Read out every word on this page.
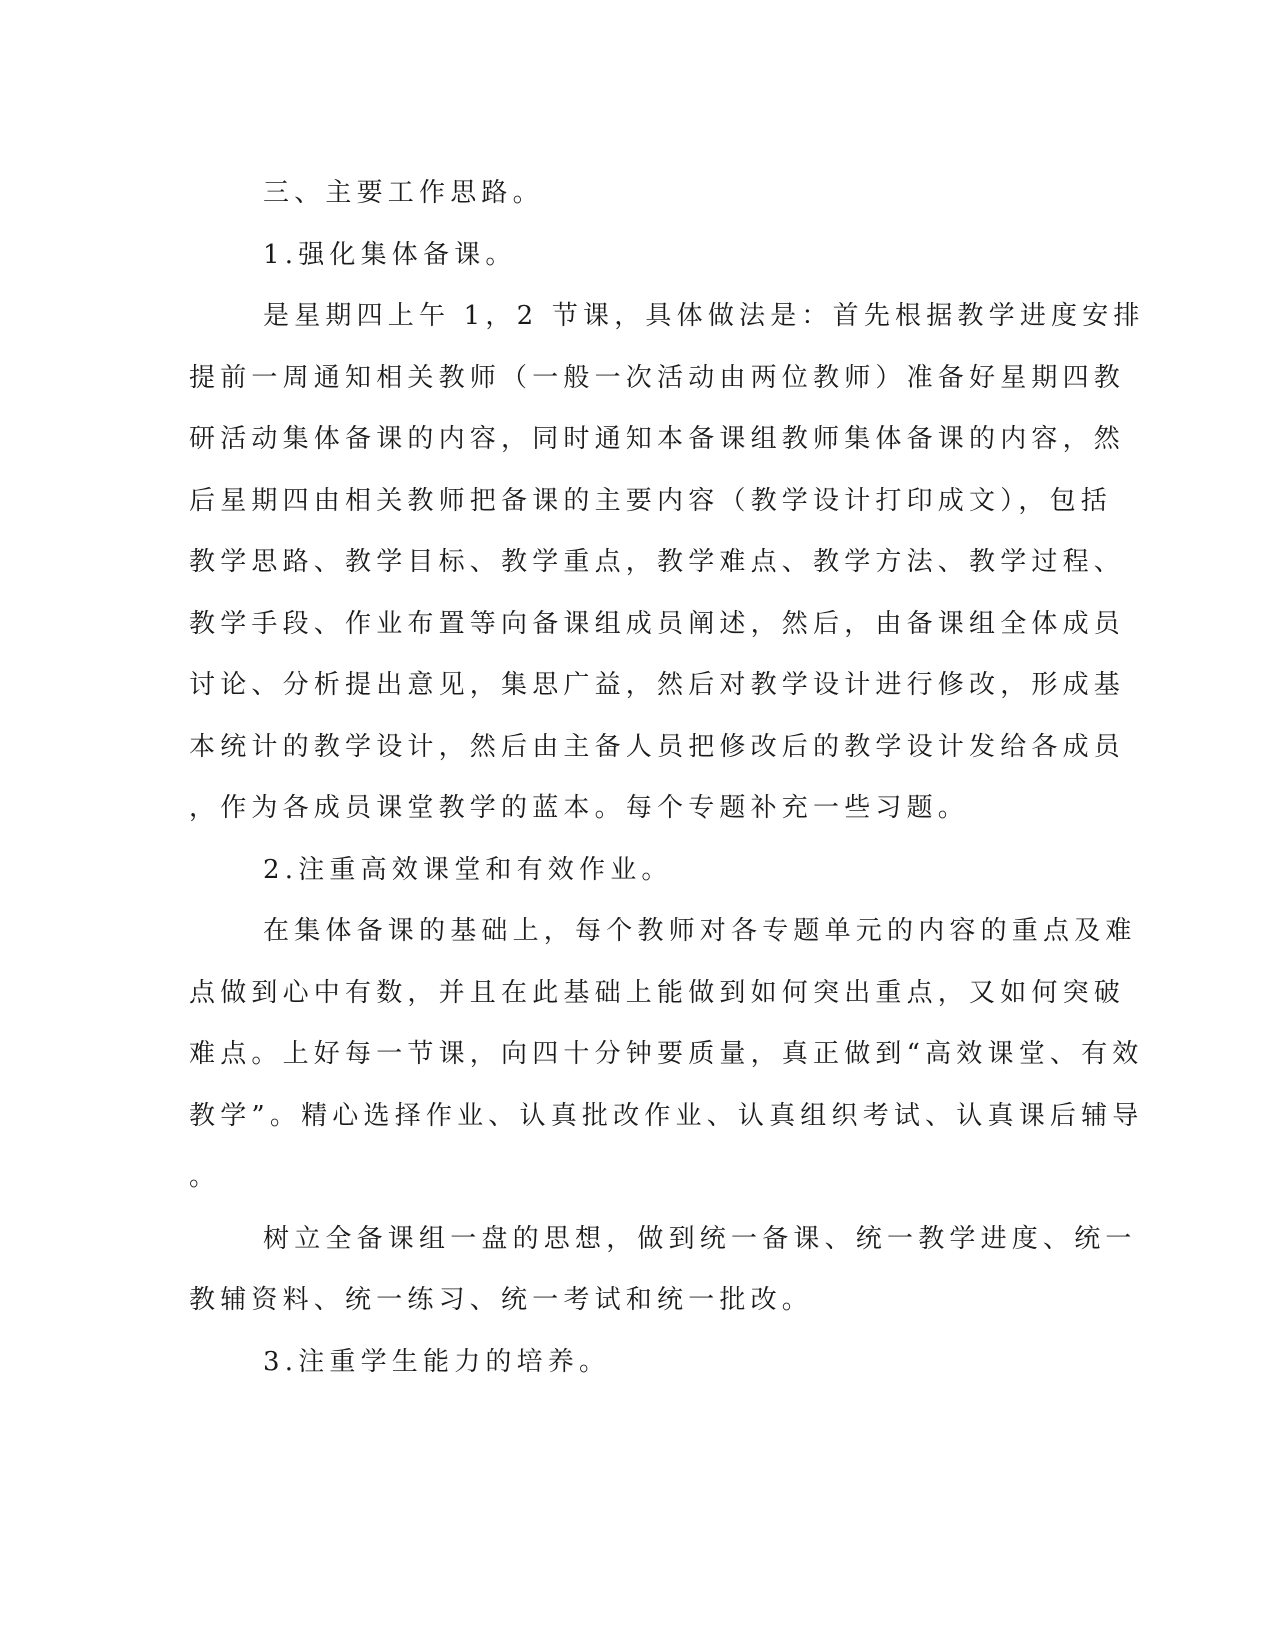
三、主要工作思路。
1.强化集体备课。
是星期四上午 1，2 节课，具体做法是：首先根据教学进度安排
提前一周通知相关教师（一般一次活动由两位教师）准备好星期四教
研活动集体备课的内容，同时通知本备课组教师集体备课的内容，然
后星期四由相关教师把备课的主要内容（教学设计打印成文），包括
教学思路、教学目标、教学重点，教学难点、教学方法、教学过程、
教学手段、作业布置等向备课组成员阐述，然后，由备课组全体成员
讨论、分析提出意见，集思广益，然后对教学设计进行修改，形成基
本统计的教学设计，然后由主备人员把修改后的教学设计发给各成员
，作为各成员课堂教学的蓝本。每个专题补充一些习题。
2.注重高效课堂和有效作业。
在集体备课的基础上，每个教师对各专题单元的内容的重点及难
点做到心中有数，并且在此基础上能做到如何突出重点，又如何突破
难点。上好每一节课，向四十分钟要质量，真正做到“高效课堂、有效
教学”。精心选择作业、认真批改作业、认真组织考试、认真课后辅导
。
树立全备课组一盘的思想，做到统一备课、统一教学进度、统一
教辅资料、统一练习、统一考试和统一批改。
3.注重学生能力的培养。
